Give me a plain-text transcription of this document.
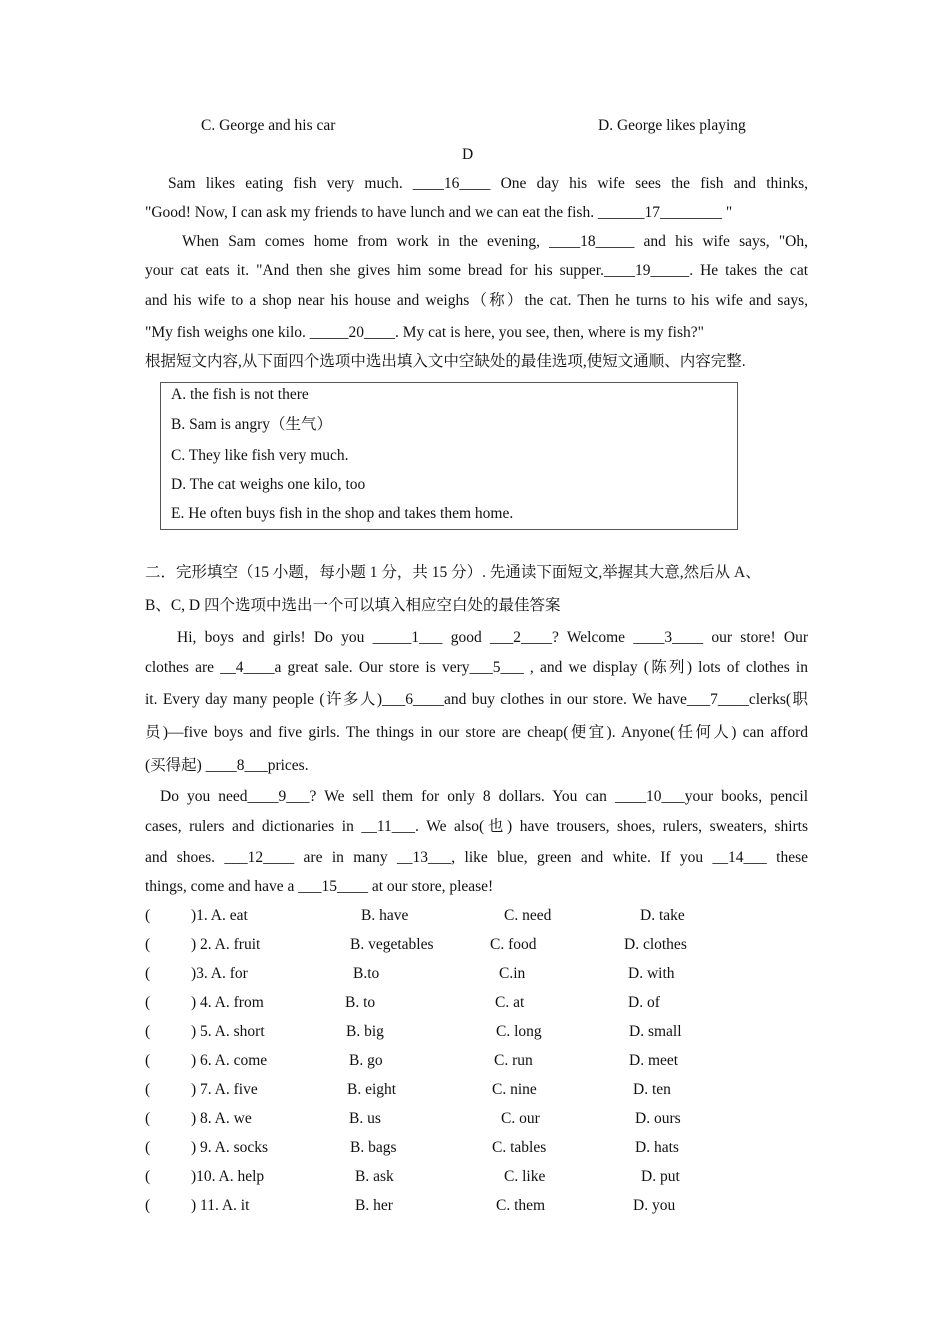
C. George and his car	D. George likes playing
D
Sam likes eating fish very much. ____16____ One day his wife sees the fish and thinks,
"Good! Now, I can ask my friends to have lunch and we can eat the fish. ______17________ "
When Sam comes home from work in the evening, ____18_____ and his wife says, "Oh,
your cat eats it. "And then she gives him some bread for his supper.____19_____. He takes the cat
and his wife to a shop near his house and weighs（称）the cat. Then he turns to his wife and says,
"My fish weighs one kilo. _____20____. My cat is here, you see, then, where is my fish?"
根据短文内容,从下面四个选项中选出填入文中空缺处的最佳选项,使短文通顺、内容完整.
A. the fish is not there
B. Sam is angry（生气）
C. They like fish very much.
D. The cat weighs one kilo, too
E. He often buys fish in the shop and takes them home.
二．完形填空（15 小题，每小题 1 分，共 15 分）. 先通读下面短文,举握其大意,然后从 A、
B、C, D 四个选项中选出一个可以填入相应空白处的最佳答案
Hi, boys and girls! Do you _____1___ good ___2____? Welcome ____3____ our store! Our
clothes are __4____a great sale. Our store is very___5___ , and we display (陈列) lots of clothes in
it. Every day many people (许多人)___6____and buy clothes in our store. We have___7____clerks(职
员)—five boys and five girls. The things in our store are cheap(便宜). Anyone(任何人) can afford
(买得起) ____8___prices.
Do you need____9___? We sell them for only 8 dollars. You can ____10___your books, pencil
cases, rulers and dictionaries in __11___. We also(也) have trousers, shoes, rulers, sweaters, shirts
and shoes. ___12____ are in many __13___, like blue, green and white. If you __14___ these
things, come and have a ___15____ at our store, please!
(	)1. A. eat	B. have	C. need	D. take
(	) 2. A. fruit	B. vegetables	C. food	D. clothes
(	)3. A. for	B.to	C.in	D. with
(	) 4. A. from	B. to	C. at	D. of
(	) 5. A. short	B. big	C. long	D. small
(	) 6. A. come	B. go	C. run	D. meet
(	) 7. A. five	B. eight	C. nine	D. ten
(	) 8. A. we	B. us	C. our	D. ours
(	) 9. A. socks	B. bags	C. tables	D. hats
(	)10. A. help	B. ask	C. like	D. put
(	) 11. A. it	B. her	C. them	D. you
